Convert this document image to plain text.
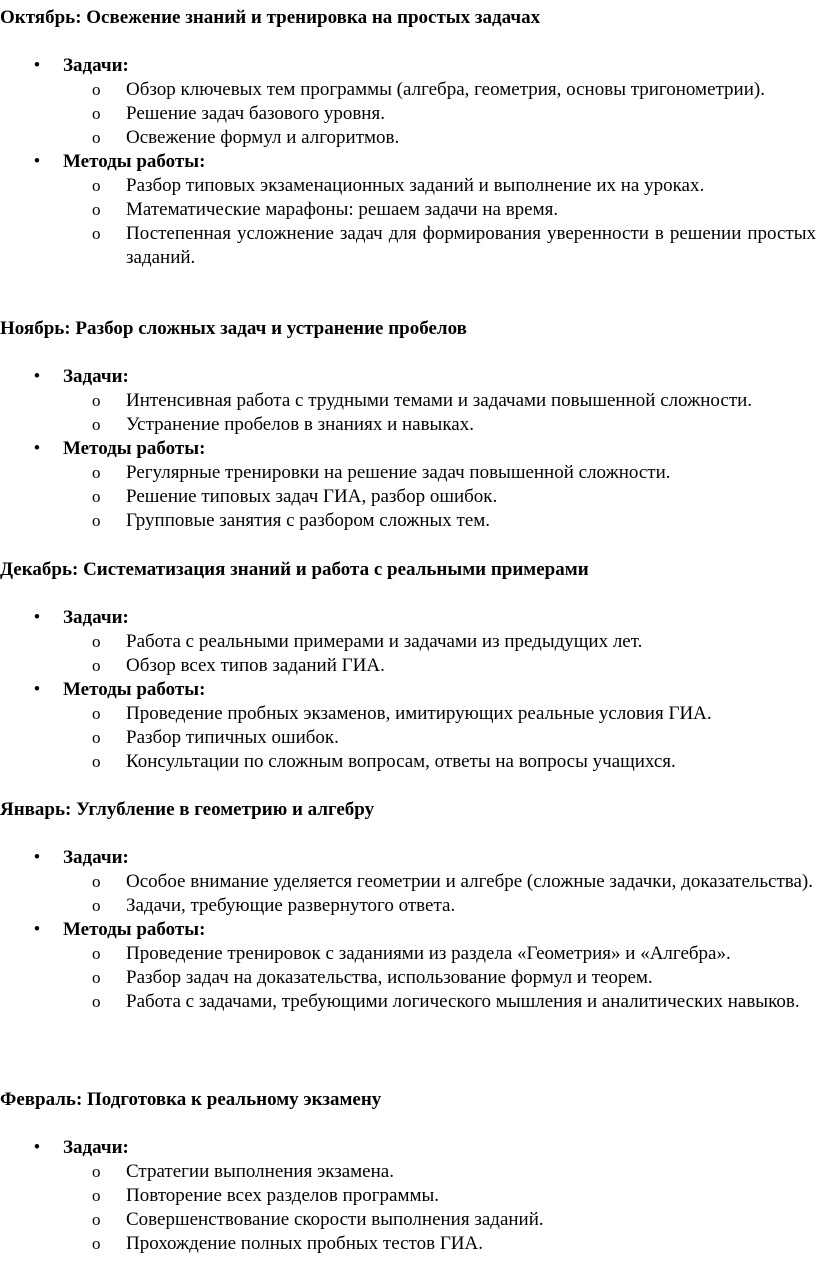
Октябрь: Освежение знаний и тренировка на простых задачах

• Задачи:
o Обзор ключевых тем программы (алгебра, геометрия, основы тригонометрии).
o Решение задач базового уровня.
o Освежение формул и алгоритмов.
• Методы работы:
o Разбор типовых экзаменационных заданий и выполнение их на уроках.
o Математические марафоны: решаем задачи на время.
o Постепенная усложнение задач для формирования уверенности в решении простых заданий.

Ноябрь: Разбор сложных задач и устранение пробелов

• Задачи:
o Интенсивная работа с трудными темами и задачами повышенной сложности.
o Устранение пробелов в знаниях и навыках.
• Методы работы:
o Регулярные тренировки на решение задач повышенной сложности.
o Решение типовых задач ГИА, разбор ошибок.
o Групповые занятия с разбором сложных тем.

Декабрь: Систематизация знаний и работа с реальными примерами

• Задачи:
o Работа с реальными примерами и задачами из предыдущих лет.
o Обзор всех типов заданий ГИА.
• Методы работы:
o Проведение пробных экзаменов, имитирующих реальные условия ГИА.
o Разбор типичных ошибок.
o Консультации по сложным вопросам, ответы на вопросы учащихся.

Январь: Углубление в геометрию и алгебру

• Задачи:
o Особое внимание уделяется геометрии и алгебре (сложные задачки, доказательства).
o Задачи, требующие развернутого ответа.
• Методы работы:
o Проведение тренировок с заданиями из раздела «Геометрия» и «Алгебра».
o Разбор задач на доказательства, использование формул и теорем.
o Работа с задачами, требующими логического мышления и аналитических навыков.

Февраль: Подготовка к реальному экзамену

• Задачи:
o Стратегии выполнения экзамена.
o Повторение всех разделов программы.
o Совершенствование скорости выполнения заданий.
o Прохождение полных пробных тестов ГИА.
